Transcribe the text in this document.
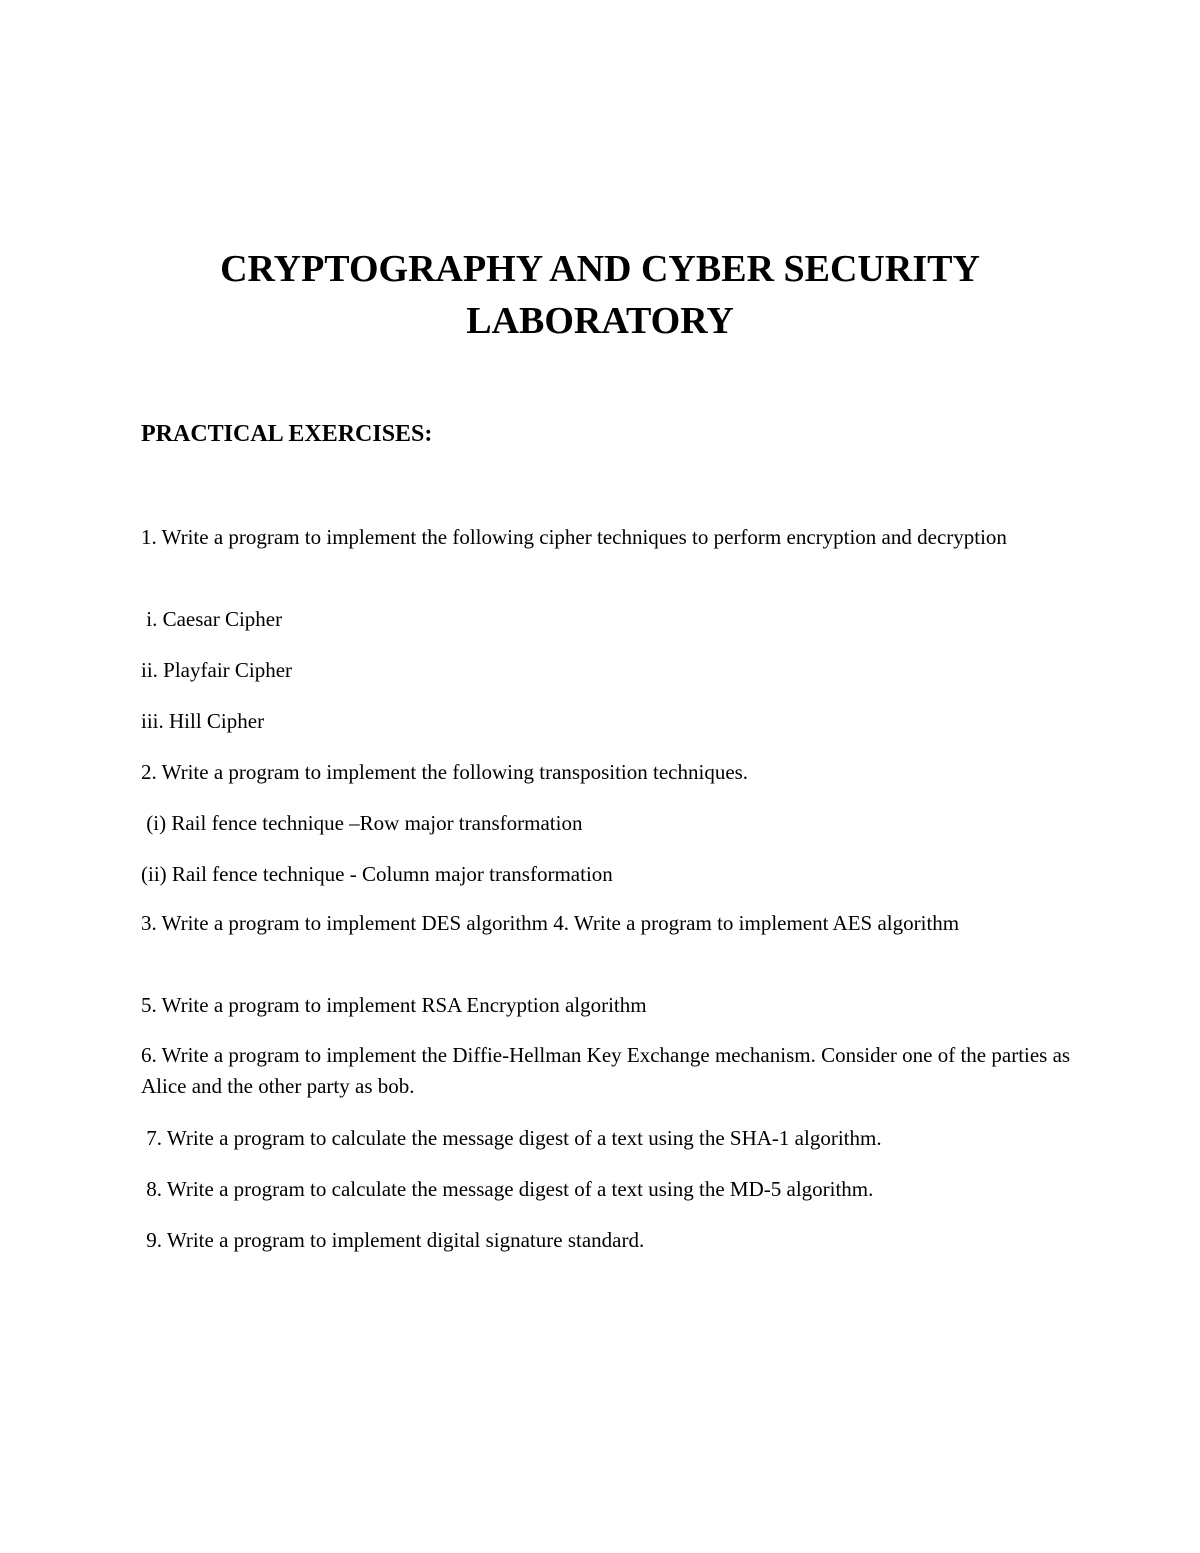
CRYPTOGRAPHY AND CYBER SECURITY
LABORATORY
PRACTICAL EXERCISES:

1. Write a program to implement the following cipher techniques to perform encryption and decryption

i. Caesar Cipher

ii. Playfair Cipher

iii. Hill Cipher

2. Write a program to implement the following transposition techniques.

(i) Rail fence technique –Row major transformation

(ii) Rail fence technique - Column major transformation

3. Write a program to implement DES algorithm 4. Write a program to implement AES algorithm

5. Write a program to implement RSA Encryption algorithm

6. Write a program to implement the Diffie-Hellman Key Exchange mechanism. Consider one of the parties as Alice and the other party as bob.

7. Write a program to calculate the message digest of a text using the SHA-1 algorithm.

8. Write a program to calculate the message digest of a text using the MD-5 algorithm.

9. Write a program to implement digital signature standard.
